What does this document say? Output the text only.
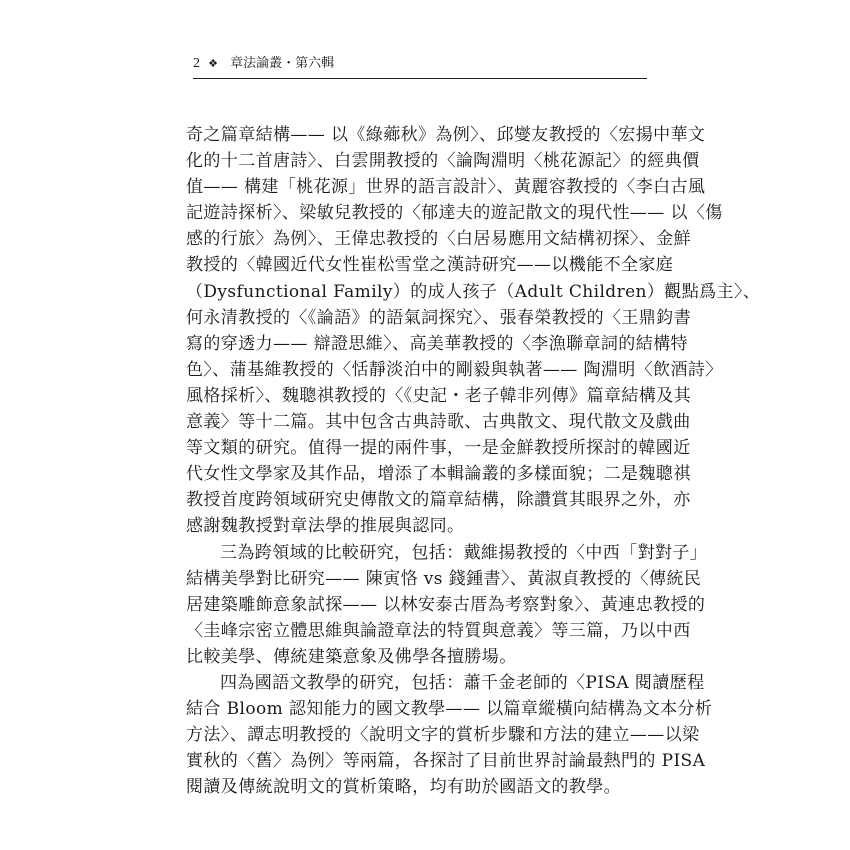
2 ❖ 章法論叢・第六輯
奇之篇章結構—— 以《綠薌秋》為例〉、邱燮友教授的〈宏揚中華文
化的十二首唐詩〉、白雲開教授的〈論陶淵明〈桃花源記〉的經典價
值—— 構建「桃花源」世界的語言設計〉、黃麗容教授的〈李白古風
記遊詩探析〉、梁敏兒教授的〈郁達夫的遊記散文的現代性—— 以〈傷
感的行旅〉為例〉、王偉忠教授的〈白居易應用文結構初探〉、金鮮
教授的〈韓國近代女性崔松雪堂之漢詩研究——以機能不全家庭
（Dysfunctional Family）的成人孩子（Adult Children）觀點爲主〉、
何永清教授的〈《論語》的語氣詞探究〉、張春榮教授的〈王鼎鈞書
寫的穿透力—— 辯證思維〉、高美華教授的〈李漁聯章詞的結構特
色〉、蒲基維教授的〈恬靜淡泊中的剛毅與執著—— 陶淵明〈飲酒詩〉
風格採析〉、魏聰祺教授的〈《史記・老子韓非列傳》篇章結構及其
意義〉等十二篇。其中包含古典詩歌、古典散文、現代散文及戲曲
等文類的研究。值得一提的兩件事，一是金鮮教授所探討的韓國近
代女性文學家及其作品，增添了本輯論叢的多樣面貌；二是魏聰祺
教授首度跨領域研究史傳散文的篇章結構，除讚賞其眼界之外，亦
感謝魏教授對章法學的推展與認同。
三為跨領域的比較研究，包括：戴維揚教授的〈中西「對對子」
結構美學對比研究—— 陳寅恪 vs 錢鍾書〉、黃淑貞教授的〈傳統民
居建築雕飾意象試探—— 以林安泰古厝為考察對象〉、黃連忠教授的
〈圭峰宗密立體思維與論證章法的特質與意義〉等三篇，乃以中西
比較美學、傳統建築意象及佛學各擅勝場。
四為國語文教學的研究，包括：蕭千金老師的〈PISA 閱讀歷程
結合 Bloom 認知能力的國文教學—— 以篇章縱橫向結構為文本分析
方法〉、譚志明教授的〈說明文字的賞析步驟和方法的建立——以梁
實秋的〈舊〉為例〉等兩篇，各探討了目前世界討論最熱門的 PISA
閱讀及傳統說明文的賞析策略，均有助於國語文的教學。
